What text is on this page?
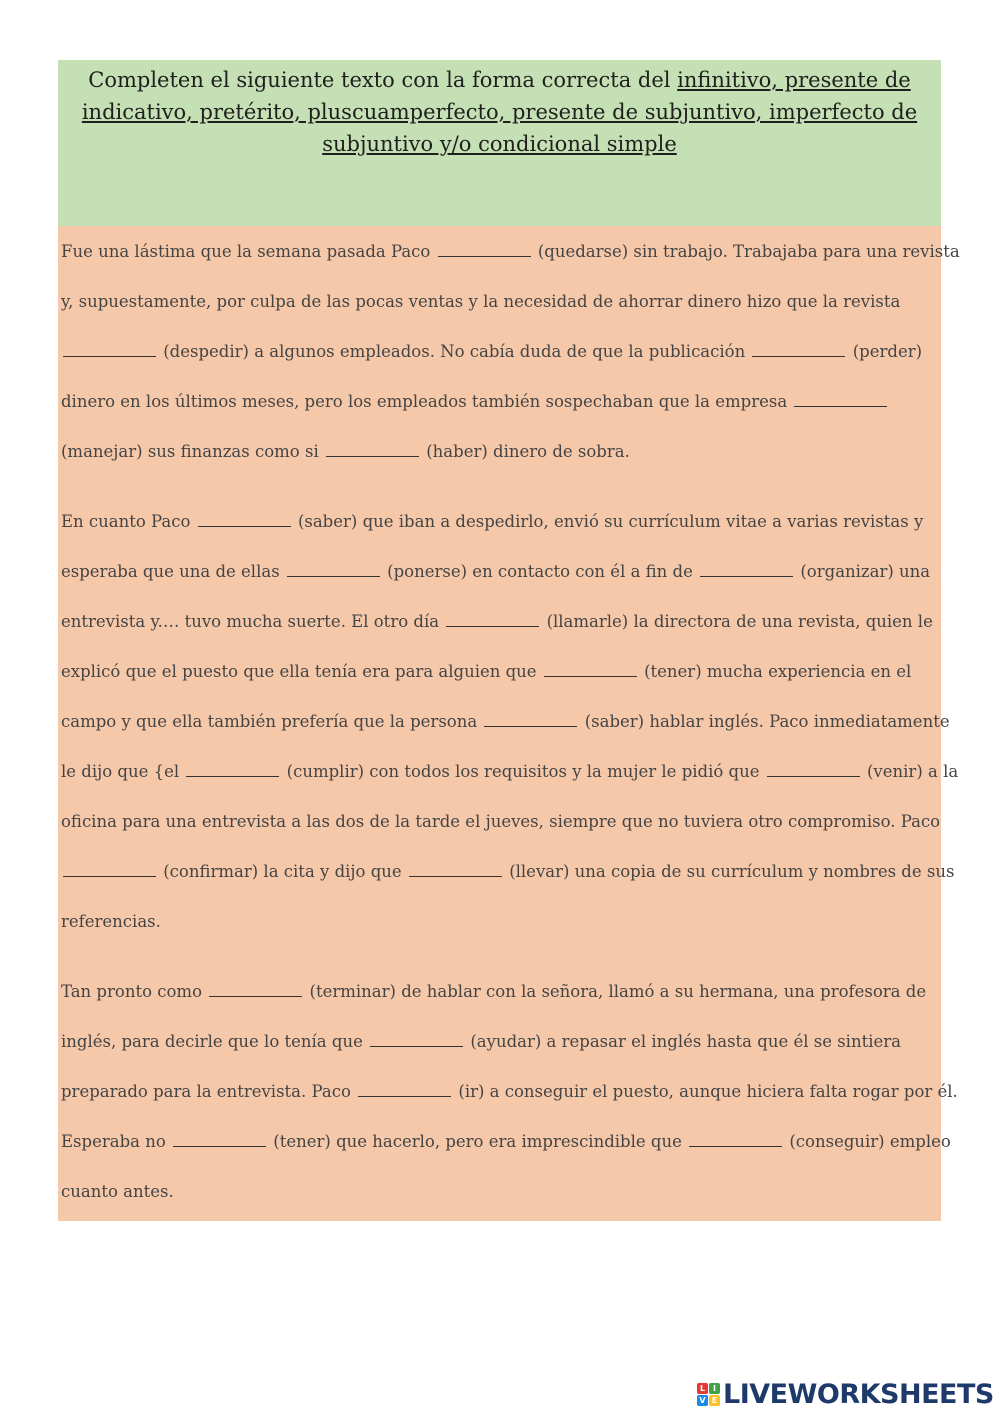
Completen el siguiente texto con la forma correcta del infinitivo, presente de
indicativo, pretérito, pluscuamperfecto, presente de subjuntivo, imperfecto de
subjuntivo y/o condicional simple
Fue una lástima que la semana pasada Paco	(quedarse) sin trabajo. Trabajaba para una revista
y, supuestamente, por culpa de las pocas ventas y la necesidad de ahorrar dinero hizo que la revista
(despedir) a algunos empleados. No cabía duda de que la publicación	(perder)
dinero en los últimos meses, pero los empleados también sospechaban que la empresa
(manejar) sus finanzas como si	(haber) dinero de sobra.
En cuanto Paco	(saber) que iban a despedirlo, envió su currículum vitae a varias revistas y
esperaba que una de ellas	(ponerse) en contacto con él a fin de	(organizar) una
entrevista y.… tuvo mucha suerte. El otro día	(llamarle) la directora de una revista, quien le
explicó que el puesto que ella tenía era para alguien que	(tener) mucha experiencia en el
campo y que ella también prefería que la persona	(saber) hablar inglés. Paco inmediatamente
le dijo que {el	(cumplir) con todos los requisitos y la mujer le pidió que	(venir) a la
oficina para una entrevista a las dos de la tarde el jueves, siempre que no tuviera otro compromiso. Paco
(confirmar) la cita y dijo que	(llevar) una copia de su currículum y nombres de sus
referencias.
Tan pronto como	(terminar) de hablar con la señora, llamó a su hermana, una profesora de
inglés, para decirle que lo tenía que	(ayudar) a repasar el inglés hasta que él se sintiera
preparado para la entrevista. Paco	(ir) a conseguir el puesto, aunque hiciera falta rogar por él.
Esperaba no	(tener) que hacerlo, pero era imprescindible que	(conseguir) empleo
cuanto antes.
L I
V E LIVEWORKSHEETS
